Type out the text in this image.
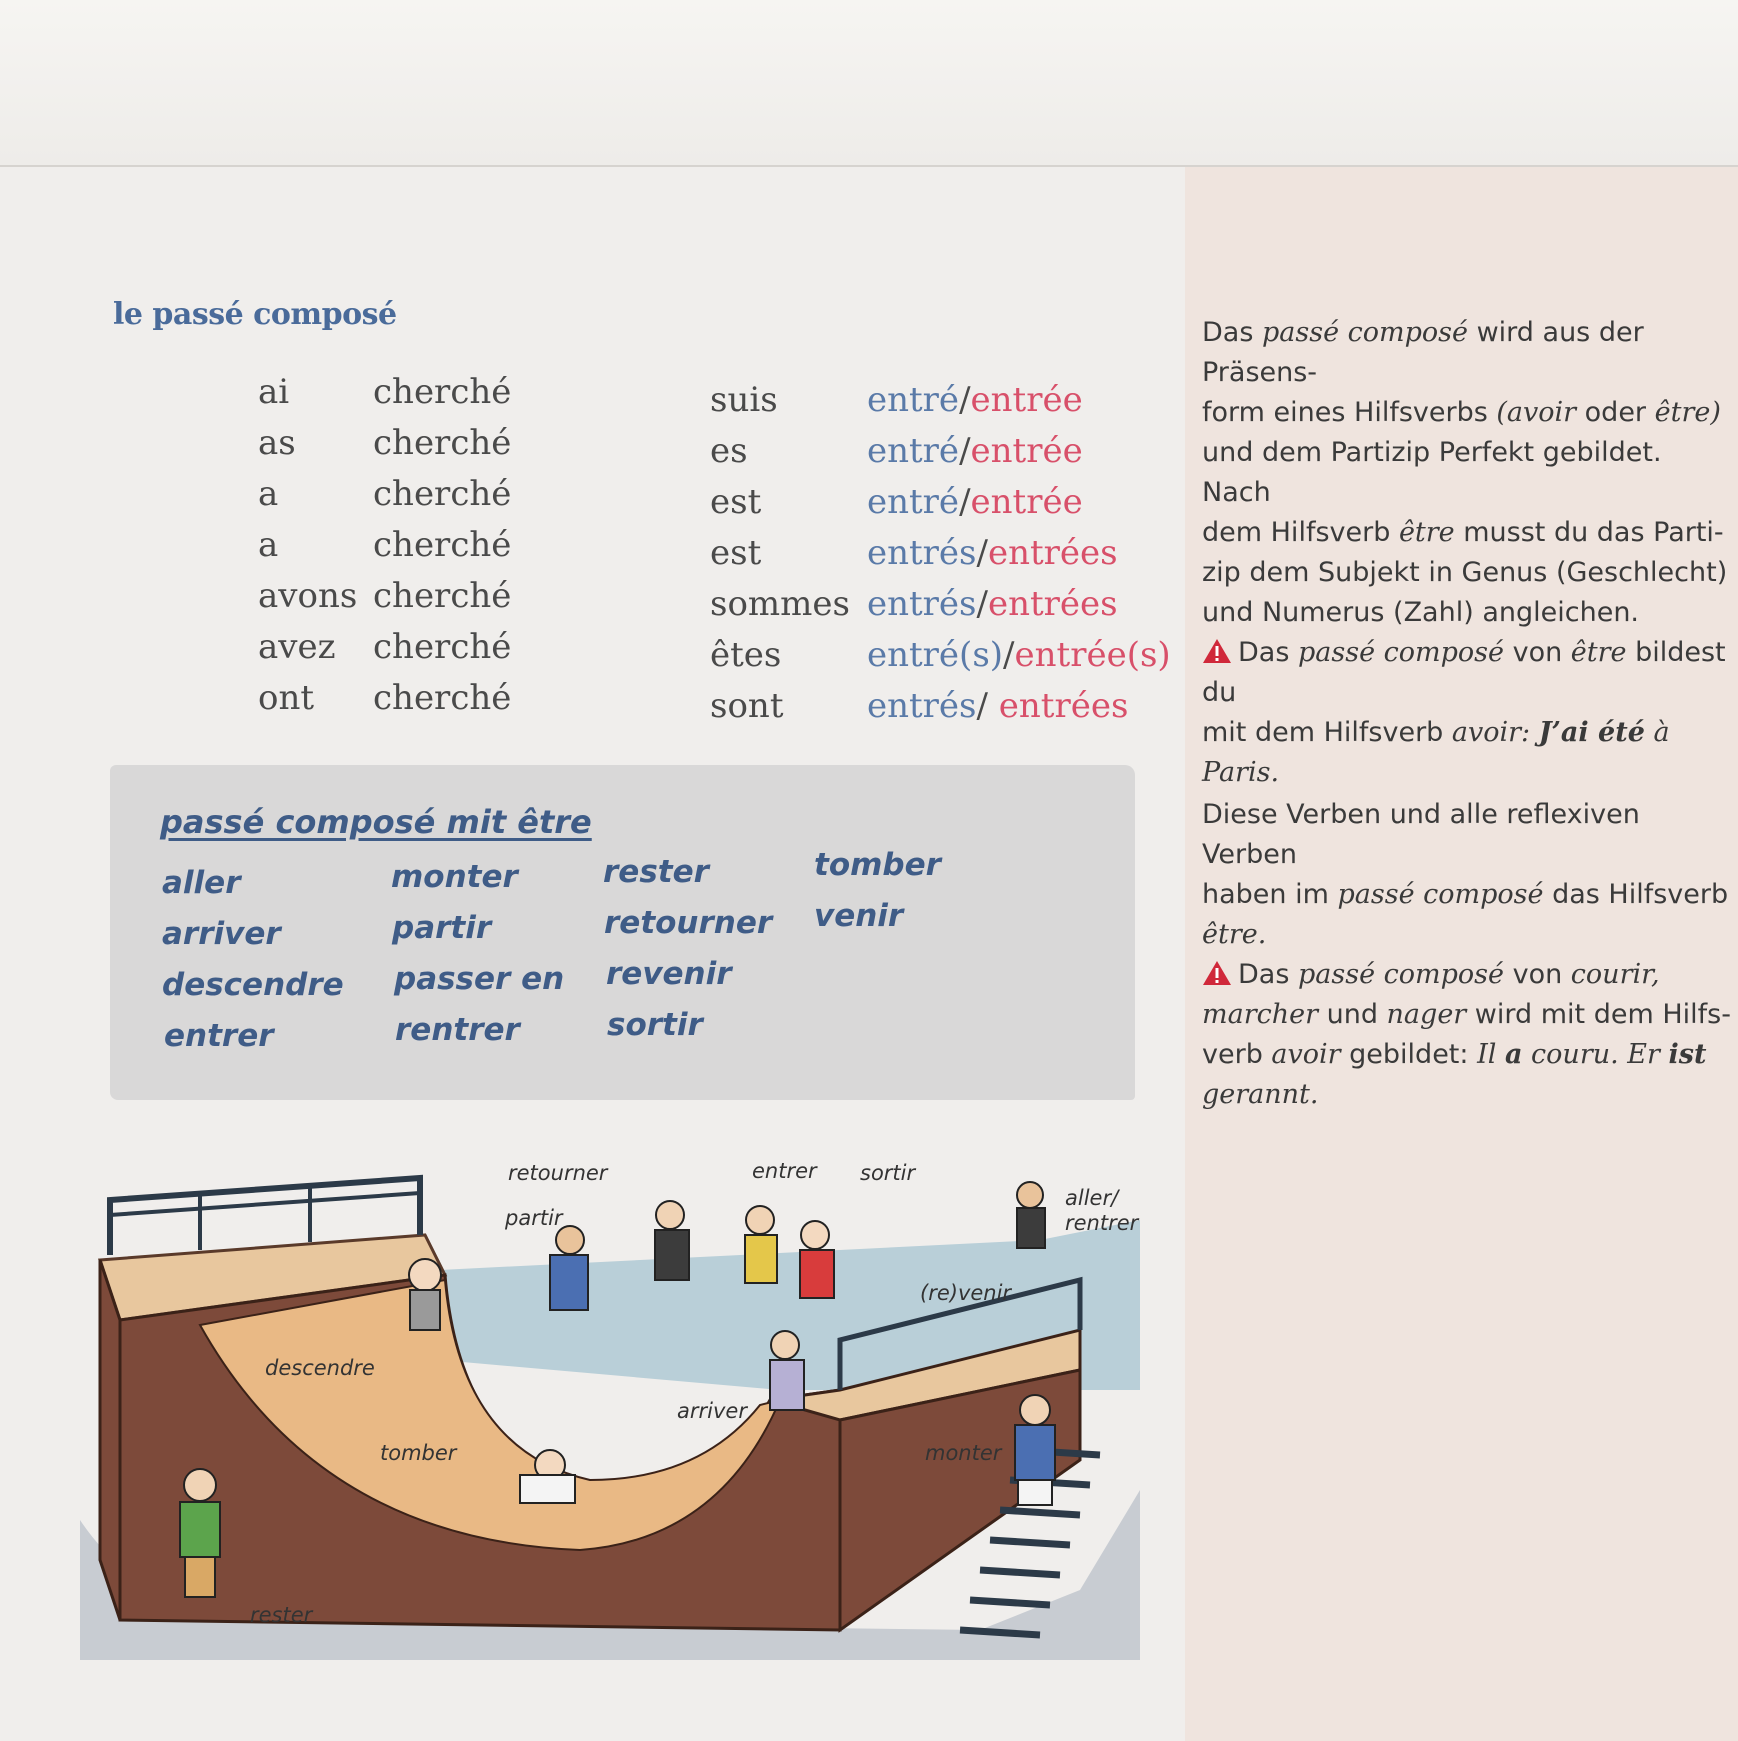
le passé composé
ai cherché
as cherché
a	cherché
a	cherché
avons cherché
avez cherché
ont cherché
suis	entré/entrée
es	entré/entrée
est	entré/entrée
est	entrés/entrées
sommes entrés/entrées
êtes	entré(s)/entrée(s)
sont entrés/ entrées
Das passé composé wird aus der Präsens-
form eines Hilfsverbs (avoir oder être)
und dem Partizip Perfekt gebildet. Nach
dem Hilfsverb être musst du das Parti-
zip dem Subjekt in Genus (Geschlecht)
und Numerus (Zahl) angleichen.
Das passé composé von être bildest du
mit dem Hilfsverb avoir: J’ai été à Paris.
Diese Verben und alle reflexiven Verben
haben im passé composé das Hilfsverb
être.
Das passé composé von courir,
marcher und nager wird mit dem Hilfs-
verb avoir gebildet: Il a couru. Er ist
gerannt.
passé composé mit être
aller
arriver
descendre
entrer
monter
partir
passer en
rentrer
rester
retourner
revenir
sortir
tomber
venir
retourner
partir
entrer sortir
aller/
rentrer
(re)venir
descendre
arriver
tomber	monter
rester
